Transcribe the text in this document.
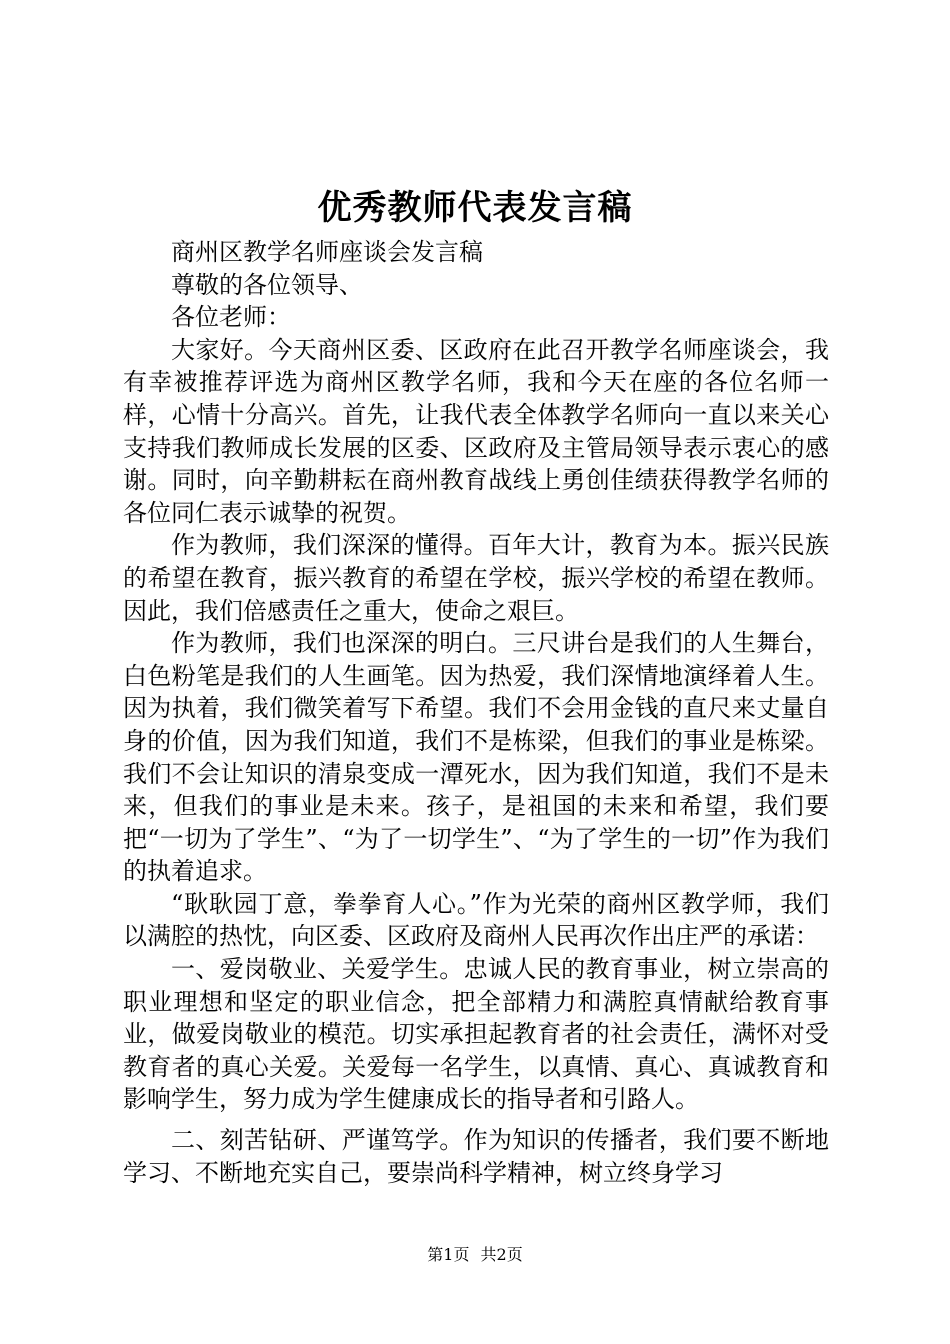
优秀教师代表发言稿

商州区教学名师座谈会发言稿

尊敬的各位领导、

各位老师：

大家好。今天商州区委、区政府在此召开教学名师座谈会，我有幸被推荐评选为商州区教学名师，我和今天在座的各位名师一样，心情十分高兴。首先，让我代表全体教学名师向一直以来关心支持我们教师成长发展的区委、区政府及主管局领导表示衷心的感谢。同时，向辛勤耕耘在商州教育战线上勇创佳绩获得教学名师的各位同仁表示诚挚的祝贺。

作为教师，我们深深的懂得。百年大计，教育为本。振兴民族的希望在教育，振兴教育的希望在学校，振兴学校的希望在教师。因此，我们倍感责任之重大，使命之艰巨。

作为教师，我们也深深的明白。三尺讲台是我们的人生舞台，白色粉笔是我们的人生画笔。因为热爱，我们深情地演绎着人生。因为执着，我们微笑着写下希望。我们不会用金钱的直尺来丈量自身的价值，因为我们知道，我们不是栋梁，但我们的事业是栋梁。我们不会让知识的清泉变成一潭死水，因为我们知道，我们不是未来，但我们的事业是未来。孩子，是祖国的未来和希望，我们要把“一切为了学生”、“为了一切学生”、“为了学生的一切”作为我们的执着追求。

“耿耿园丁意，拳拳育人心。”作为光荣的商州区教学师，我们以满腔的热忱，向区委、区政府及商州人民再次作出庄严的承诺：

一、爱岗敬业、关爱学生。忠诚人民的教育事业，树立崇高的职业理想和坚定的职业信念，把全部精力和满腔真情献给教育事业，做爱岗敬业的模范。切实承担起教育者的社会责任，满怀对受教育者的真心关爱。关爱每一名学生，以真情、真心、真诚教育和影响学生，努力成为学生健康成长的指导者和引路人。

二、刻苦钻研、严谨笃学。作为知识的传播者，我们要不断地学习、不断地充实自己，要崇尚科学精神，树立终身学习

第1页 共2页
